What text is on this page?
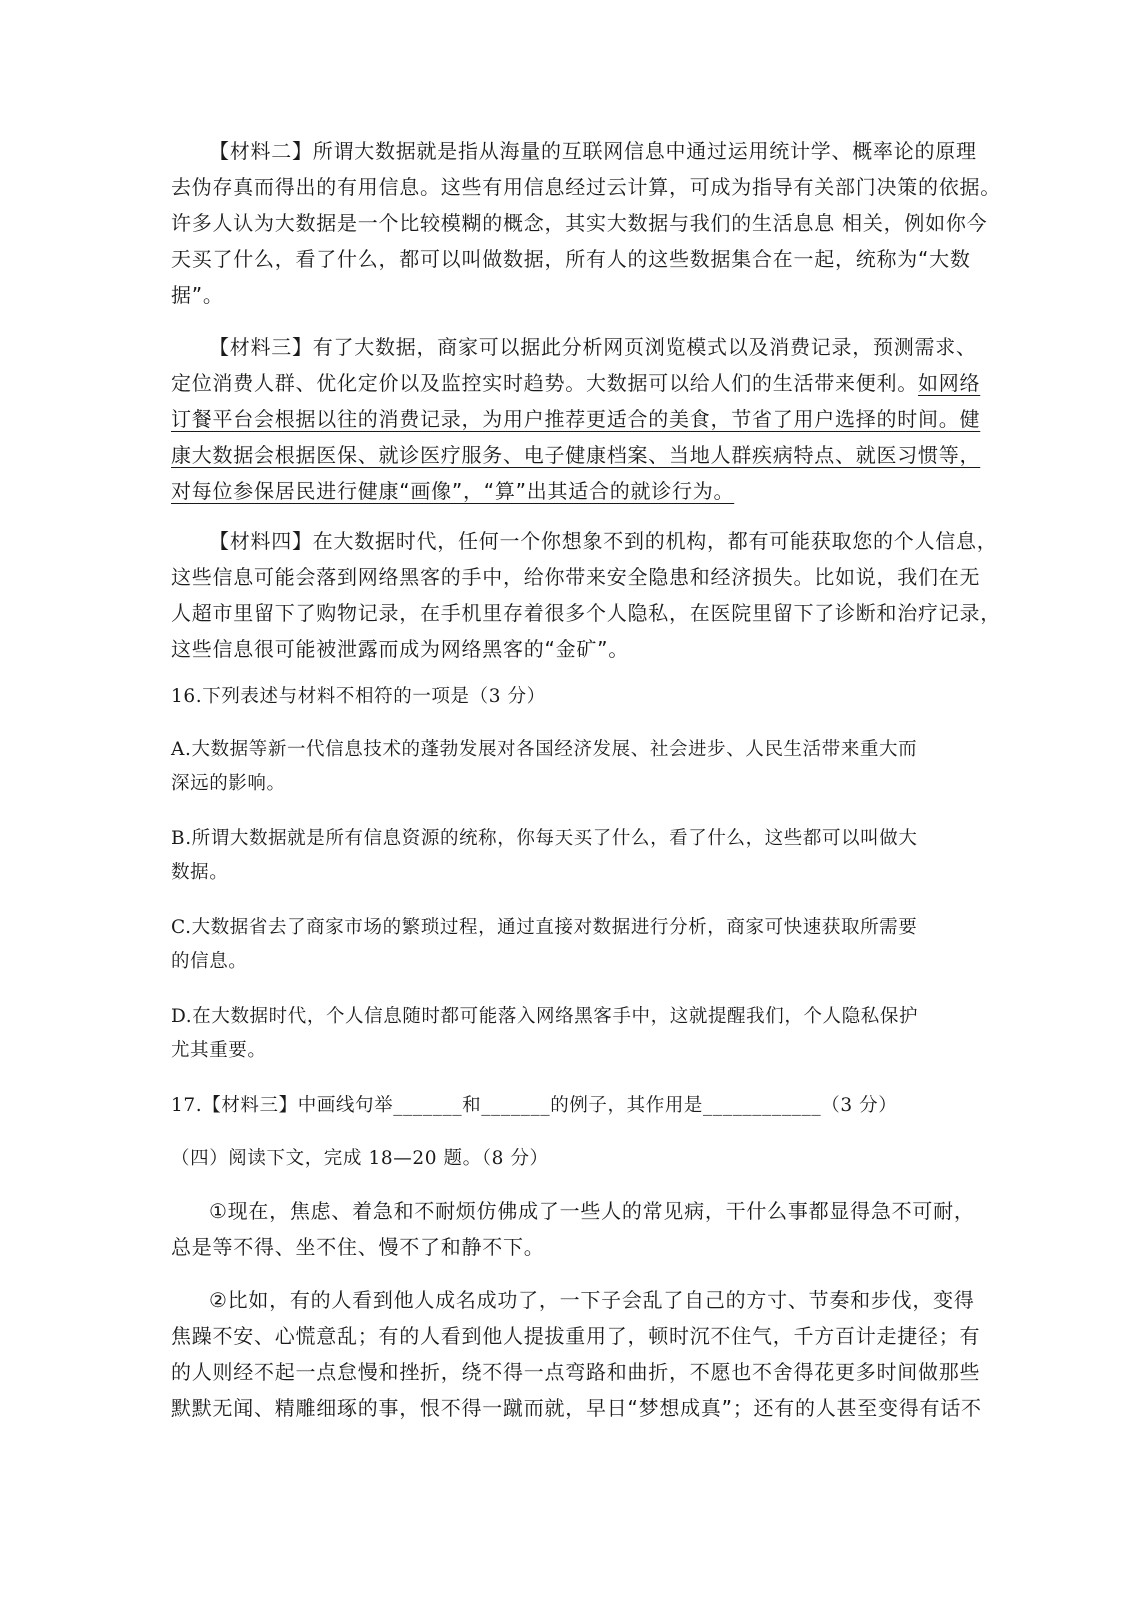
【材料二】所谓大数据就是指从海量的互联网信息中通过运用统计学、概率论的原理
去伪存真而得出的有用信息。这些有用信息经过云计算，可成为指导有关部门决策的依据。
许多人认为大数据是一个比较模糊的概念，其实大数据与我们的生活息息 相关，例如你今
天买了什么，看了什么，都可以叫做数据，所有人的这些数据集合在一起，统称为“大数
据”。
【材料三】有了大数据，商家可以据此分析网页浏览模式以及消费记录，预测需求、
定位消费人群、优化定价以及监控实时趋势。大数据可以给人们的生活带来便利。如网络
订餐平台会根据以往的消费记录，为用户推荐更适合的美食，节省了用户选择的时间。健
康大数据会根据医保、就诊医疗服务、电子健康档案、当地人群疾病特点、就医习惯等，
对每位参保居民进行健康“画像”，“算”出其适合的就诊行为。
【材料四】在大数据时代，任何一个你想象不到的机构，都有可能获取您的个人信息，
这些信息可能会落到网络黑客的手中，给你带来安全隐患和经济损失。比如说，我们在无
人超市里留下了购物记录，在手机里存着很多个人隐私，在医院里留下了诊断和治疗记录，
这些信息很可能被泄露而成为网络黑客的“金矿”。
16.下列表述与材料不相符的一项是（3 分）
A.大数据等新一代信息技术的蓬勃发展对各国经济发展、社会进步、人民生活带来重大而
深远的影响。
B.所谓大数据就是所有信息资源的统称，你每天买了什么，看了什么，这些都可以叫做大
数据。
C.大数据省去了商家市场的繁琐过程，通过直接对数据进行分析，商家可快速获取所需要
的信息。
D.在大数据时代，个人信息随时都可能落入网络黑客手中，这就提醒我们，个人隐私保护
尤其重要。
17.【材料三】中画线句举_______和_______的例子，其作用是____________（3 分）
（四）阅读下文，完成 18—20 题。（8 分）
①现在，焦虑、着急和不耐烦仿佛成了一些人的常见病，干什么事都显得急不可耐，
总是等不得、坐不住、慢不了和静不下。
②比如，有的人看到他人成名成功了，一下子会乱了自己的方寸、节奏和步伐，变得
焦躁不安、心慌意乱；有的人看到他人提拔重用了，顿时沉不住气，千方百计走捷径；有
的人则经不起一点怠慢和挫折，绕不得一点弯路和曲折，不愿也不舍得花更多时间做那些
默默无闻、精雕细琢的事，恨不得一蹴而就，早日“梦想成真”；还有的人甚至变得有话不
